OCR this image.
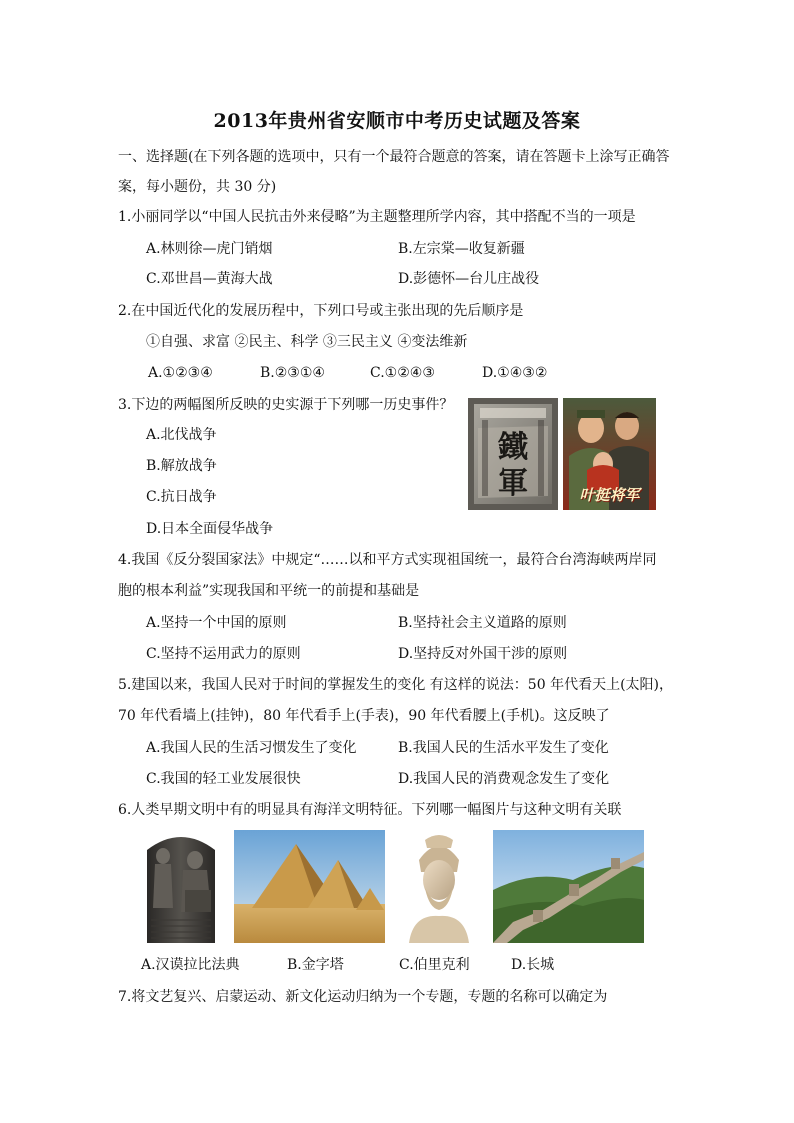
2013年贵州省安顺市中考历史试题及答案
一、选择题(在下列各题的选项中，只有一个最符合题意的答案，请在答题卡上涂写正确答
案，每小题份，共 30 分)
1.小丽同学以“中国人民抗击外来侵略”为主题整理所学内容，其中搭配不当的一项是
A.林则徐—虎门销烟	B.左宗棠—收复新疆
C.邓世昌—黄海大战	D.彭德怀—台儿庄战役
2.在中国近代化的发展历程中，下列口号或主张出现的先后顺序是
①自强、求富 ②民主、科学 ③三民主义 ④变法维新
A.①②③④	B.②③①④	C.①②④③	D.①④③②
3.下边的两幅图所反映的史实源于下列哪一历史事件？
A.北伐战争
B.解放战争
C.抗日战争
D.日本全面侵华战争
鐵 軍	叶挺将军
4.我国《反分裂国家法》中规定“……以和平方式实现祖国统一，最符合台湾海峡两岸同
胞的根本利益”实现我国和平统一的前提和基础是
A.坚持一个中国的原则	B.坚持社会主义道路的原则
C.坚持不运用武力的原则	D.坚持反对外国干涉的原则
5.建国以来，我国人民对于时间的掌握发生的变化 有这样的说法：50 年代看天上(太阳)，
70 年代看墙上(挂钟)，80 年代看手上(手表)，90 年代看腰上(手机)。这反映了
A.我国人民的生活习惯发生了变化	B.我国人民的生活水平发生了变化
C.我国的轻工业发展很快	D.我国人民的消费观念发生了变化
6.人类早期文明中有的明显具有海洋文明特征。下列哪一幅图片与这种文明有关联
A.汉谟拉比法典	B.金字塔	C.伯里克利	D.长城
7.将文艺复兴、启蒙运动、新文化运动归纳为一个专题，专题的名称可以确定为
